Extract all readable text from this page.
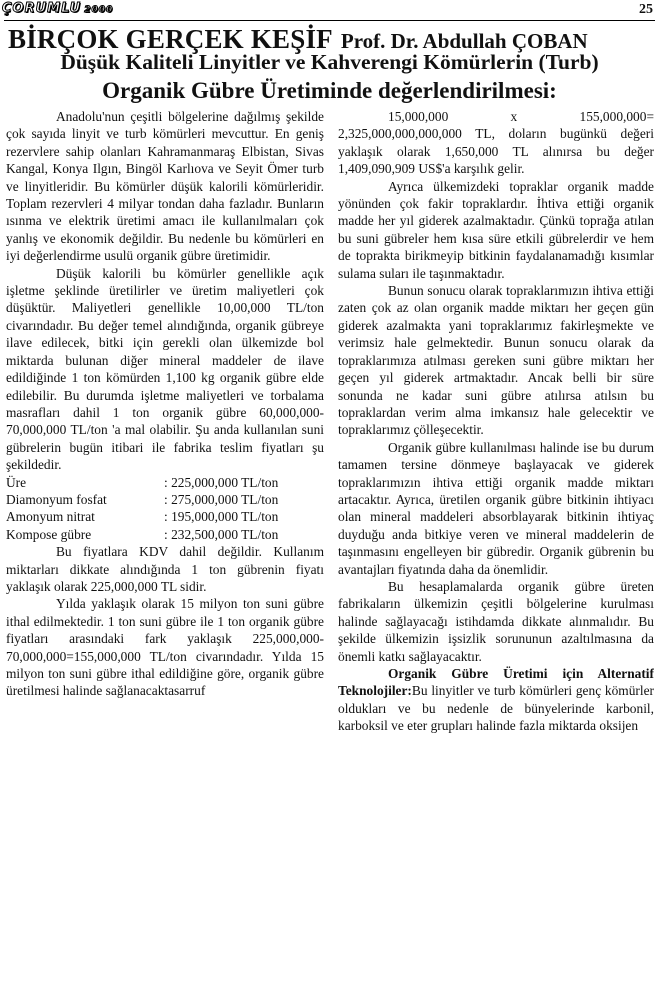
ÇORUMLU 2000	25
BİRÇOK GERÇEK KEŞİF Prof. Dr. Abdullah ÇOBAN
Düşük Kaliteli Linyitler ve Kahverengi Kömürlerin (Turb)
Organik Gübre Üretiminde değerlendirilmesi:

Anadolu'nun çeşitli bölgelerine dağılmış şekilde çok sayıda linyit ve turb kömürleri mevcuttur. En geniş rezervlere sahip olanları Kahramanmaraş Elbistan, Sivas Kangal, Konya Ilgın, Bingöl Karlıova ve Seyit Ömer turb ve linyitleridir. Bu kömürler düşük kalorili kömürleridir. Toplam rezervleri 4 milyar tondan daha fazladır. Bunların ısınma ve elektrik üretimi amacı ile kullanılmaları çok yanlış ve ekonomik değildir. Bu nedenle bu kömürleri en iyi değerlendirme usulü organik gübre üretimidir.

Düşük kalorili bu kömürler genellikle açık işletme şeklinde üretilirler ve üretim maliyetleri çok düşüktür. Maliyetleri genellikle 10,00,000 TL/ton civarındadır. Bu değer temel alındığında, organik gübreye ilave edilecek, bitki için gerekli olan ülkemizde bol miktarda bulunan diğer mineral maddeler de ilave edildiğinde 1 ton kömürden 1,100 kg organik gübre elde edilebilir. Bu durumda işletme maliyetleri ve torbalama masrafları dahil 1 ton organik gübre 60,000,000-70,000,000 TL/ton 'a mal olabilir. Şu anda kullanılan suni gübrelerin bugün itibari ile fabrika teslim fiyatları şu şekildedir.

Üre	: 225,000,000 TL/ton
Diamonyum fosfat	: 275,000,000 TL/ton
Amonyum nitrat	: 195,000,000 TL/ton
Kompose gübre	: 232,500,000 TL/ton

Bu fiyatlara KDV dahil değildir. Kullanım miktarları dikkate alındığında 1 ton gübrenin fiyatı yaklaşık olarak 225,000,000 TL sidir.

Yılda yaklaşık olarak 15 milyon ton suni gübre ithal edilmektedir. 1 ton suni gübre ile 1 ton organik gübre fiyatları arasındaki fark yaklaşık 225,000,000-70,000,000=155,000,000 TL/ton civarındadır. Yılda 15 milyon ton suni gübre ithal edildiğine göre, organik gübre üretilmesi halinde sağlanacaktasarruf

15,000,000 x 155,000,000= 2,325,000,000,000,000 TL, doların bugünkü değeri yaklaşık olarak 1,650,000 TL alınırsa bu değer 1,409,090,909 US$'a karşılık gelir.

Ayrıca ülkemizdeki topraklar organik madde yönünden çok fakir topraklardır. İhtiva ettiği organik madde her yıl giderek azalmaktadır. Çünkü toprağa atılan bu suni gübreler hem kısa süre etkili gübrelerdir ve hem de toprakta birikmeyip bitkinin faydalanamadığı kısımlar sulama suları ile taşınmaktadır.

Bunun sonucu olarak topraklarımızın ihtiva ettiği zaten çok az olan organik madde miktarı her geçen gün giderek azalmakta yani topraklarımız fakirleşmekte ve verimsiz hale gelmektedir. Bunun sonucu olarak da topraklarımıza atılması gereken suni gübre miktarı her geçen yıl giderek artmaktadır. Ancak belli bir süre sonunda ne kadar suni gübre atılırsa atılsın bu topraklardan verim alma imkansız hale gelecektir ve topraklarımız çölleşecektir.

Organik gübre kullanılması halinde ise bu durum tamamen tersine dönmeye başlayacak ve giderek topraklarımızın ihtiva ettiği organik madde miktarı artacaktır. Ayrıca, üretilen organik gübre bitkinin ihtiyacı olan mineral maddeleri absorblayarak bitkinin ihtiyaç duyduğu anda bitkiye veren ve mineral maddelerin de taşınmasını engelleyen bir gübredir. Organik gübrenin bu avantajları fiyatında daha da önemlidir.

Bu hesaplamalarda organik gübre üreten fabrikaların ülkemizin çeşitli bölgelerine kurulması halinde sağlayacağı istihdamda dikkate alınmalıdır. Bu şekilde ülkemizin işsizlik sorununun azaltılmasına da önemli katkı sağlayacaktır.

Organik Gübre Üretimi için Alternatif Teknolojiler:Bu linyitler ve turb kömürleri genç kömürler oldukları ve bu nedenle de bünyelerinde karbonil, karboksil ve eter grupları halinde fazla miktarda oksijen
